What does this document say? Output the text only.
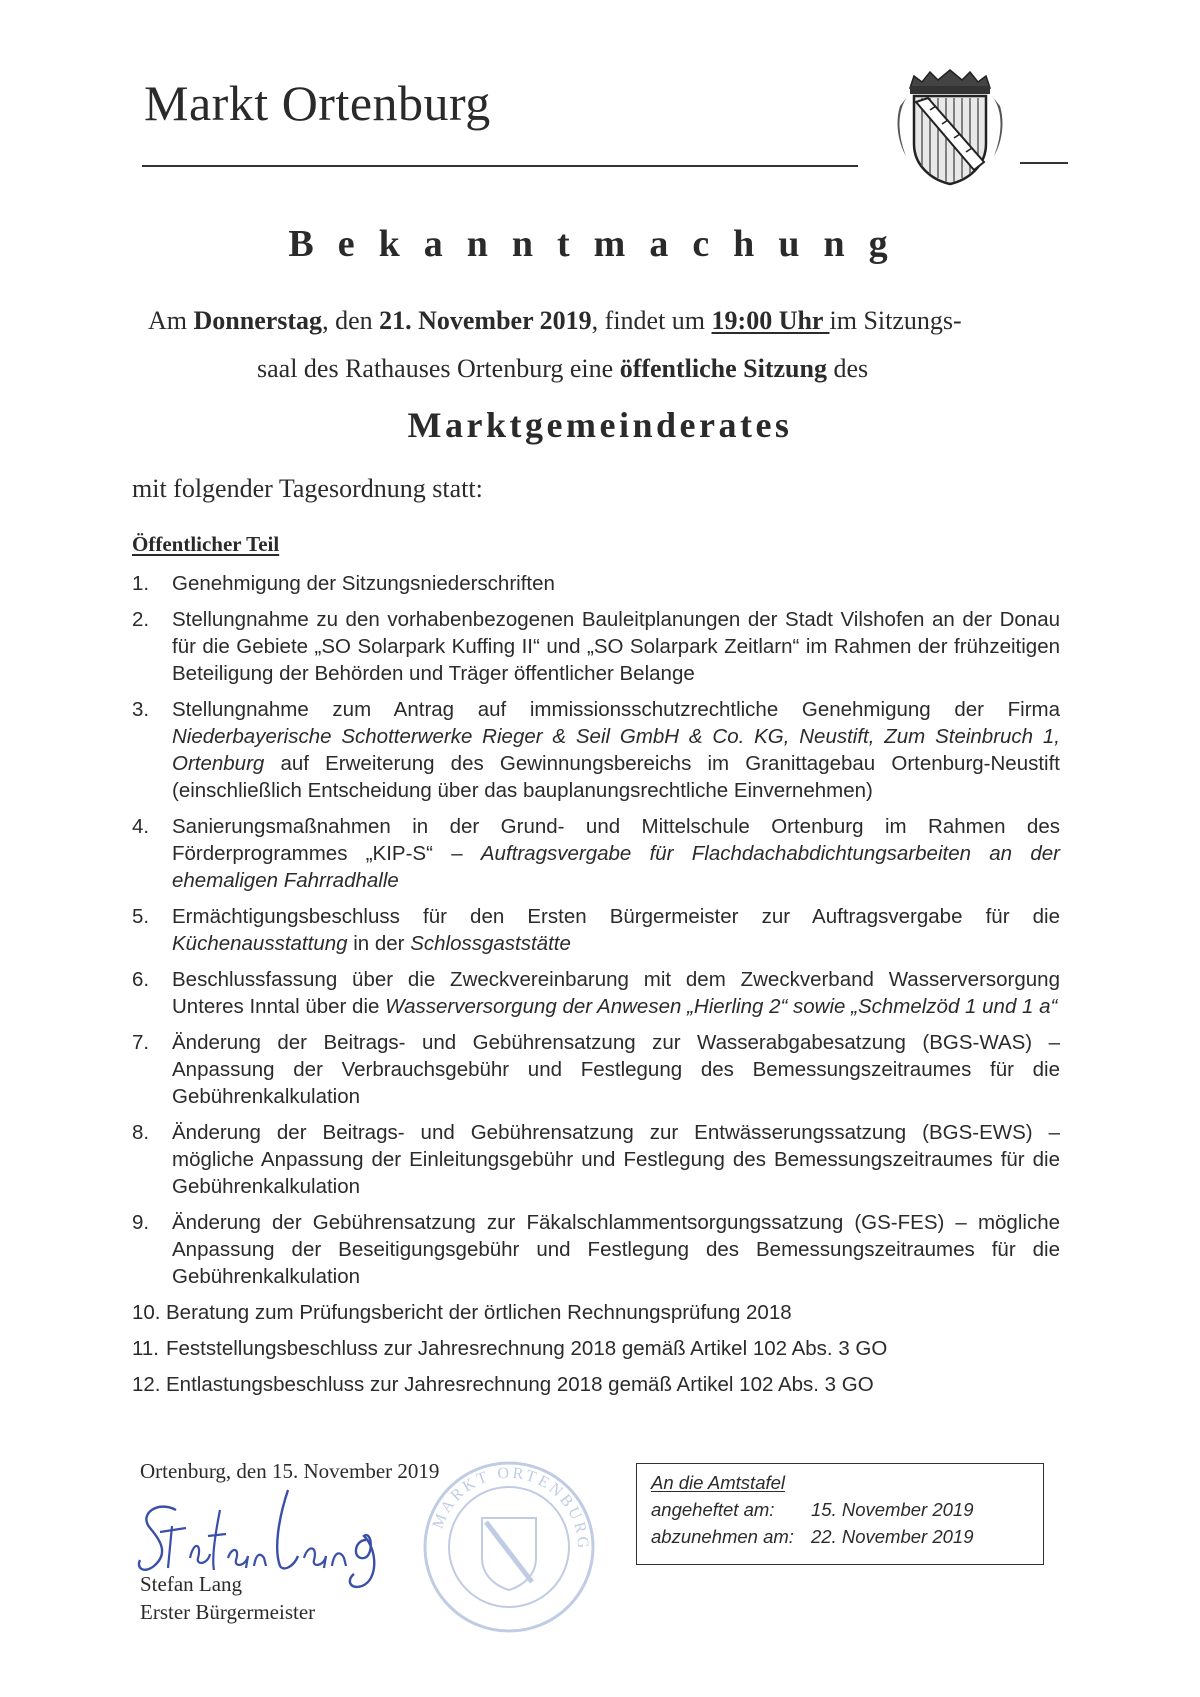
Markt Ortenburg
Bekanntmachung
Am Donnerstag, den 21. November 2019, findet um 19:00 Uhr im Sitzungs-
saal des Rathauses Ortenburg eine öffentliche Sitzung des
Marktgemeinderates
mit folgender Tagesordnung statt:
Öffentlicher Teil
1.	Genehmigung der Sitzungsniederschriften
2.	Stellungnahme zu den vorhabenbezogenen Bauleitplanungen der Stadt Vilshofen an der Donau für die Gebiete „SO Solarpark Kuffing II“ und „SO Solarpark Zeitlarn“ im Rahmen der frühzeitigen Beteiligung der Behörden und Träger öffentlicher Belange
3.	Stellungnahme zum Antrag auf immissionsschutzrechtliche Genehmigung der Firma Niederbayerische Schotterwerke Rieger & Seil GmbH & Co. KG, Neustift, Zum Steinbruch 1, Ortenburg auf Erweiterung des Gewinnungsbereichs im Granittagebau Ortenburg-Neustift (einschließlich Entscheidung über das bauplanungsrechtliche Einvernehmen)
4.	Sanierungsmaßnahmen in der Grund- und Mittelschule Ortenburg im Rahmen des Förderprogrammes „KIP-S“ – Auftragsvergabe für Flachdachabdichtungsarbeiten an der ehemaligen Fahrradhalle
5.	Ermächtigungsbeschluss für den Ersten Bürgermeister zur Auftragsvergabe für die Küchenausstattung in der Schlossgaststätte
6.	Beschlussfassung über die Zweckvereinbarung mit dem Zweckverband Wasserversorgung Unteres Inntal über die Wasserversorgung der Anwesen „Hierling 2“ sowie „Schmelzöd 1 und 1 a“
7.	Änderung der Beitrags- und Gebührensatzung zur Wasserabgabesatzung (BGS-WAS) – Anpassung der Verbrauchsgebühr und Festlegung des Bemessungszeitraumes für die Gebührenkalkulation
8.	Änderung der Beitrags- und Gebührensatzung zur Entwässerungssatzung (BGS-EWS) – mögliche Anpassung der Einleitungsgebühr und Festlegung des Bemessungszeitraumes für die Gebührenkalkulation
9.	Änderung der Gebührensatzung zur Fäkalschlammentsorgungssatzung (GS-FES) – mögliche Anpassung der Beseitigungsgebühr und Festlegung des Bemessungszeitraumes für die Gebührenkalkulation
10. Beratung zum Prüfungsbericht der örtlichen Rechnungsprüfung 2018
11. Feststellungsbeschluss zur Jahresrechnung 2018 gemäß Artikel 102 Abs. 3 GO
12. Entlastungsbeschluss zur Jahresrechnung 2018 gemäß Artikel 102 Abs. 3 GO
MARKT ORTENBURG
Ortenburg, den 15. November 2019
Stefan Lang
Erster Bürgermeister
An die Amtstafel
angeheftet am: 15. November 2019
abzunehmen am: 22. November 2019
